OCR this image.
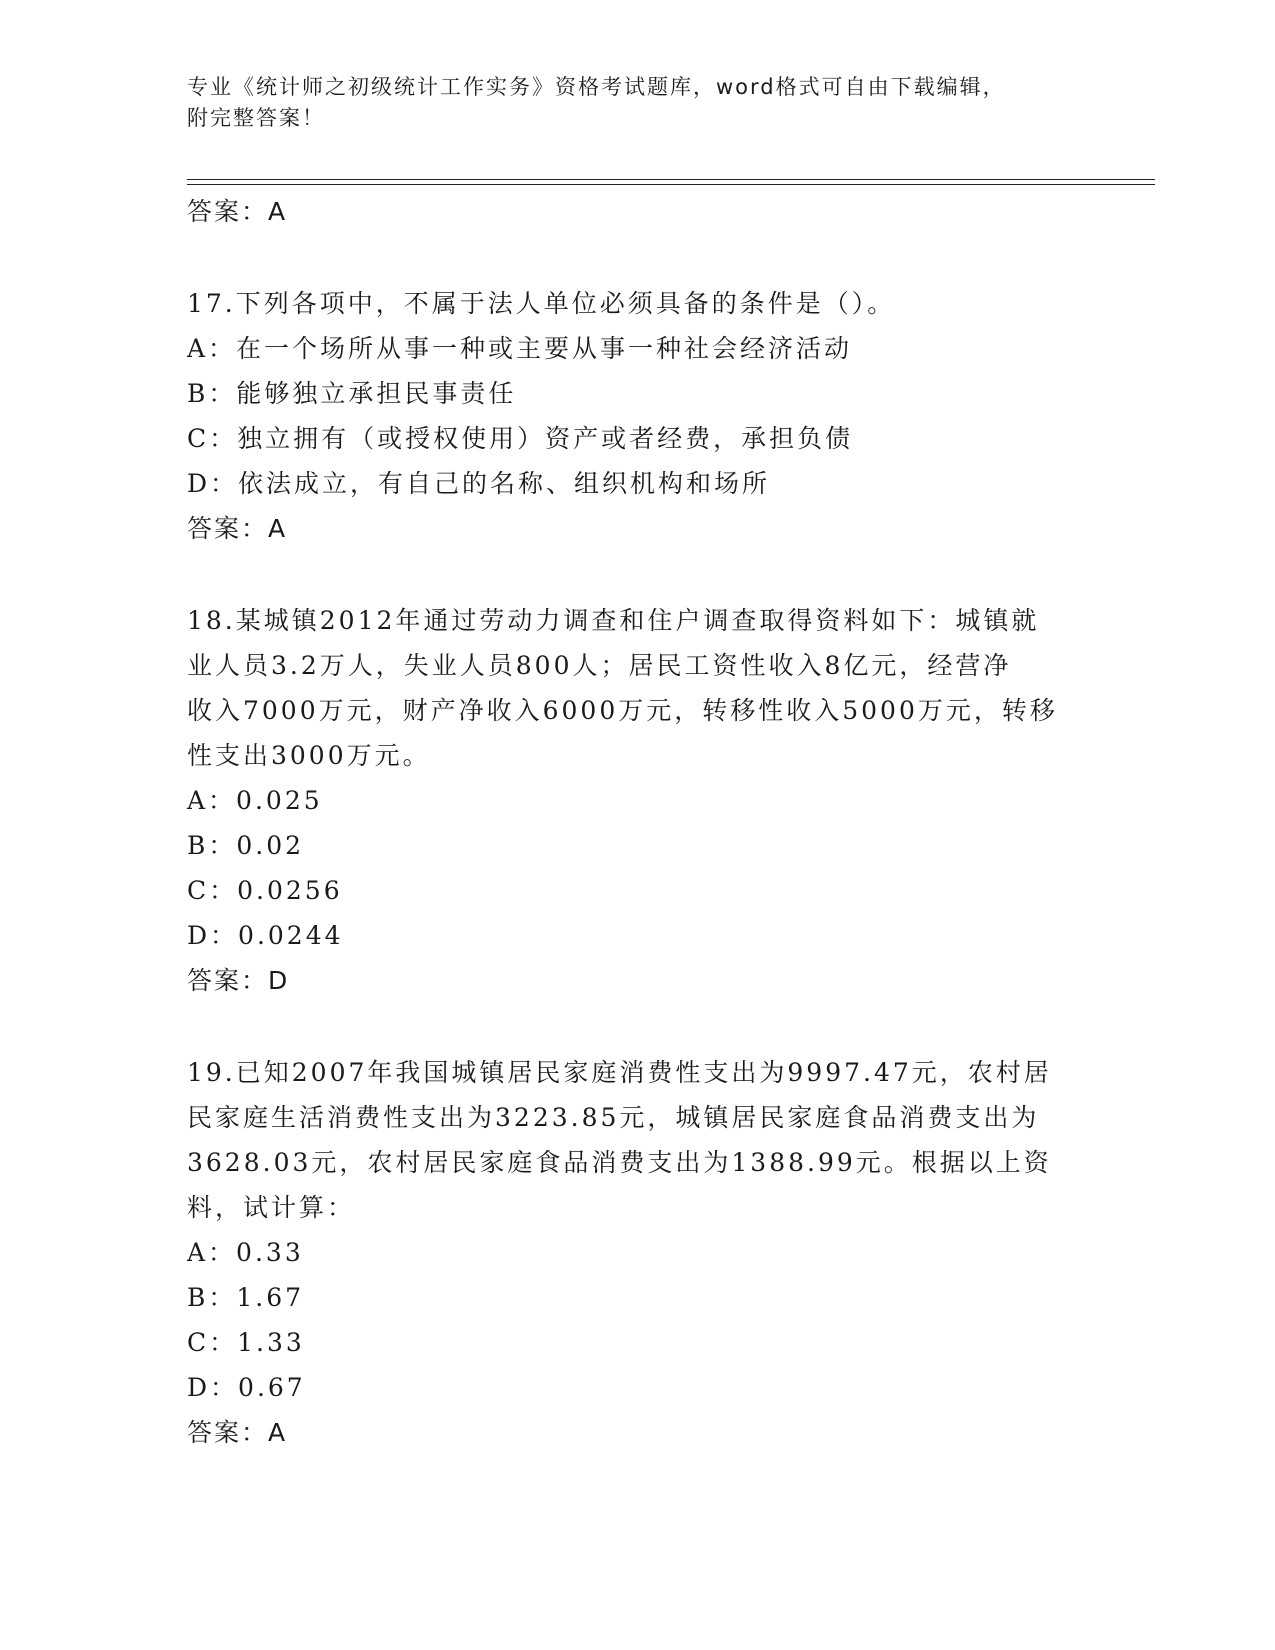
专业《统计师之初级统计工作实务》资格考试题库，word格式可自由下载编辑，
附完整答案！
答案：A
17.下列各项中，不属于法人单位必须具备的条件是（）。
A：在一个场所从事一种或主要从事一种社会经济活动
B：能够独立承担民事责任
C：独立拥有（或授权使用）资产或者经费，承担负债
D：依法成立，有自己的名称、组织机构和场所
答案：A
18.某城镇2012年通过劳动力调查和住户调查取得资料如下：城镇就
业人员3.2万人，失业人员800人；居民工资性收入8亿元，经营净
收入7000万元，财产净收入6000万元，转移性收入5000万元，转移
性支出3000万元。
A：0.025
B：0.02
C：0.0256
D：0.0244
答案：D
19.已知2007年我国城镇居民家庭消费性支出为9997.47元，农村居
民家庭生活消费性支出为3223.85元，城镇居民家庭食品消费支出为
3628.03元，农村居民家庭食品消费支出为1388.99元。根据以上资
料，试计算：
A：0.33
B：1.67
C：1.33
D：0.67
答案：A
